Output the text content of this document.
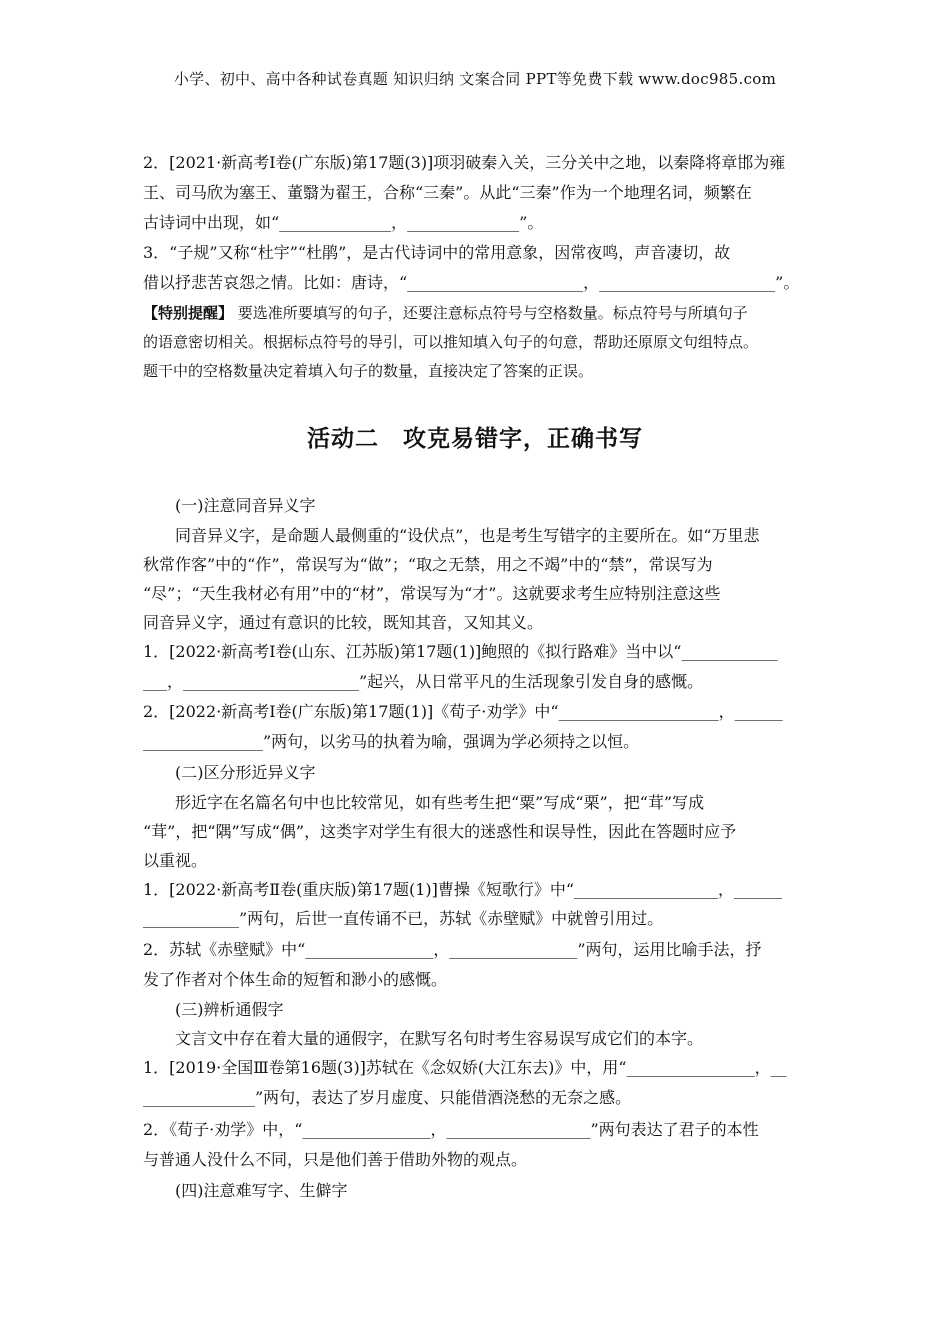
小学、初中、高中各种试卷真题 知识归纳 文案合同 PPT等免费下载 www.doc985.com
2．[2021·新高考Ⅰ卷(广东版)第17题(3)]项羽破秦入关，三分关中之地，以秦降将章邯为雍
王、司马欣为塞王、董翳为翟王，合称“三秦”。从此“三秦”作为一个地理名词，频繁在
古诗词中出现，如“______________，______________”。
3．“子规”又称“杜宇”“杜鹃”，是古代诗词中的常用意象，因常夜鸣，声音凄切，故
借以抒悲苦哀怨之情。比如：唐诗，“______________________，______________________”。
【特别提醒】 要选准所要填写的句子，还要注意标点符号与空格数量。标点符号与所填句子
的语意密切相关。根据标点符号的导引，可以推知填入句子的句意，帮助还原原文句组特点。
题干中的空格数量决定着填入句子的数量，直接决定了答案的正误。
活动二　攻克易错字，正确书写
(一)注意同音异义字
同音异义字，是命题人最侧重的“设伏点”，也是考生写错字的主要所在。如“万里悲
秋常作客”中的“作”，常误写为“做”；“取之无禁，用之不竭”中的“禁”，常误写为
“尽”；“天生我材必有用”中的“材”，常误写为“才”。这就要求考生应特别注意这些
同音异义字，通过有意识的比较，既知其音，又知其义。
1．[2022·新高考Ⅰ卷(山东、江苏版)第17题(1)]鲍照的《拟行路难》当中以“____________
___，______________________”起兴，从日常平凡的生活现象引发自身的感慨。
2．[2022·新高考Ⅰ卷(广东版)第17题(1)]《荀子·劝学》中“____________________，______
_______________”两句，以劣马的执着为喻，强调为学必须持之以恒。
(二)区分形近异义字
形近字在名篇名句中也比较常见，如有些考生把“粟”写成“栗”，把“茸”写成
“茸”，把“隅”写成“偶”，这类字对学生有很大的迷惑性和误导性，因此在答题时应予
以重视。
1．[2022·新高考Ⅱ卷(重庆版)第17题(1)]曹操《短歌行》中“__________________，______
____________”两句，后世一直传诵不已，苏轼《赤壁赋》中就曾引用过。
2．苏轼《赤壁赋》中“________________，________________”两句，运用比喻手法，抒
发了作者对个体生命的短暂和渺小的感慨。
(三)辨析通假字
文言文中存在着大量的通假字，在默写名句时考生容易误写成它们的本字。
1．[2019·全国Ⅲ卷第16题(3)]苏轼在《念奴娇(大江东去)》中，用“________________，__
______________”两句，表达了岁月虚度、只能借酒浇愁的无奈之感。
2．《荀子·劝学》中，“________________，__________________”两句表达了君子的本性
与普通人没什么不同，只是他们善于借助外物的观点。
(四)注意难写字、生僻字
